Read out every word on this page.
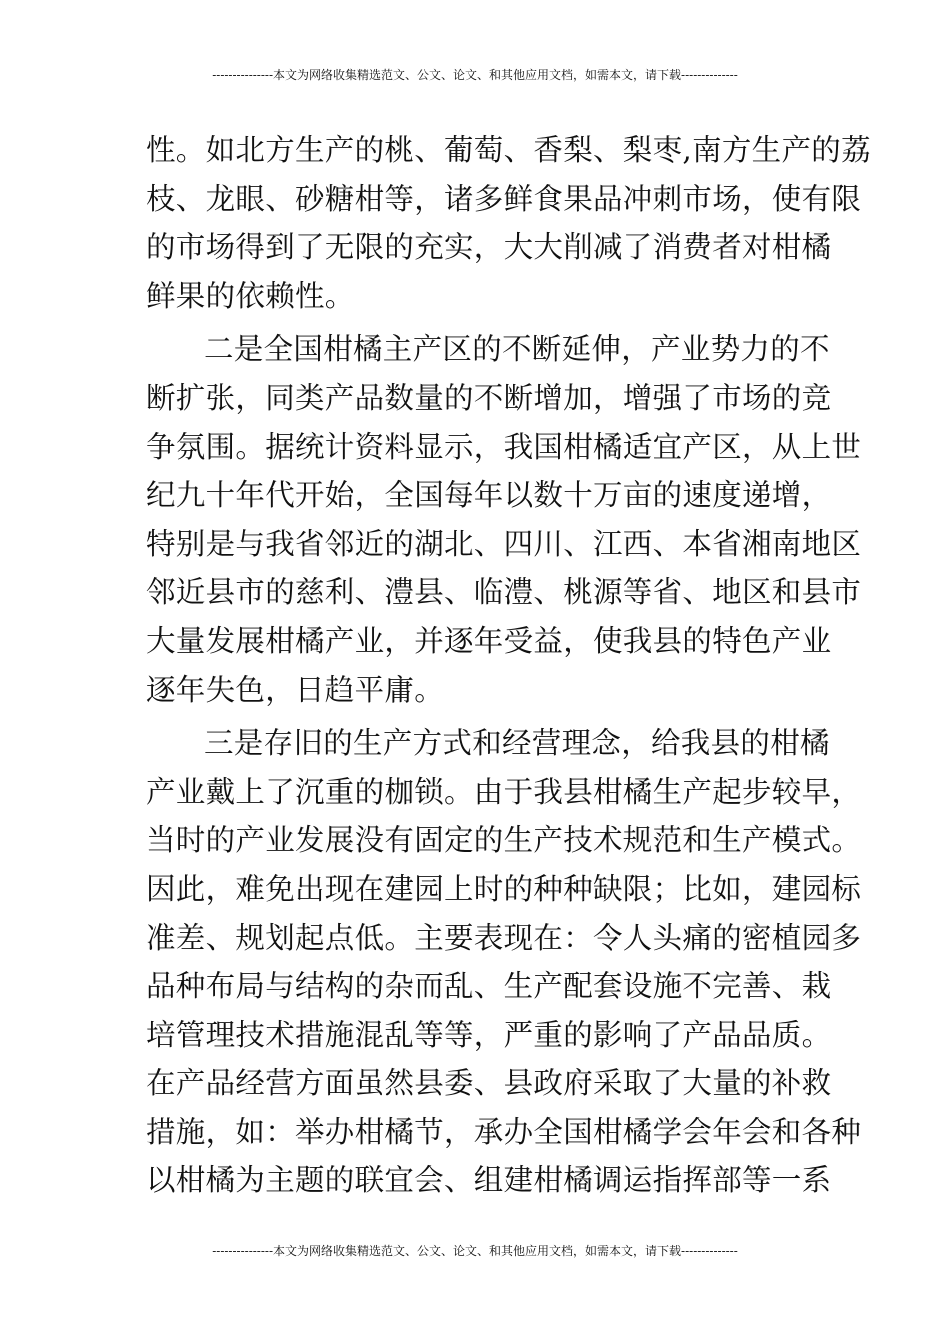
---------------本文为网络收集精选范文、公文、论文、和其他应用文档，如需本文，请下载--------------
性。如北方生产的桃、葡萄、香梨、梨枣,南方生产的荔
枝、龙眼、砂糖柑等，诸多鲜食果品冲刺市场，使有限
的市场得到了无限的充实，大大削减了消费者对柑橘
鲜果的依赖性。
二是全国柑橘主产区的不断延伸，产业势力的不
断扩张，同类产品数量的不断增加，增强了市场的竞
争氛围。据统计资料显示，我国柑橘适宜产区，从上世
纪九十年代开始，全国每年以数十万亩的速度递增，
特别是与我省邻近的湖北、四川、江西、本省湘南地区
邻近县市的慈利、澧县、临澧、桃源等省、地区和县市
大量发展柑橘产业，并逐年受益，使我县的特色产业
逐年失色，日趋平庸。
三是存旧的生产方式和经营理念，给我县的柑橘
产业戴上了沉重的枷锁。由于我县柑橘生产起步较早，
当时的产业发展没有固定的生产技术规范和生产模式。
因此，难免出现在建园上时的种种缺限；比如，建园标
准差、规划起点低。主要表现在：令人头痛的密植园多
品种布局与结构的杂而乱、生产配套设施不完善、栽
培管理技术措施混乱等等，严重的影响了产品品质。
在产品经营方面虽然县委、县政府采取了大量的补救
措施，如：举办柑橘节，承办全国柑橘学会年会和各种
以柑橘为主题的联宜会、组建柑橘调运指挥部等一系
---------------本文为网络收集精选范文、公文、论文、和其他应用文档，如需本文，请下载--------------
